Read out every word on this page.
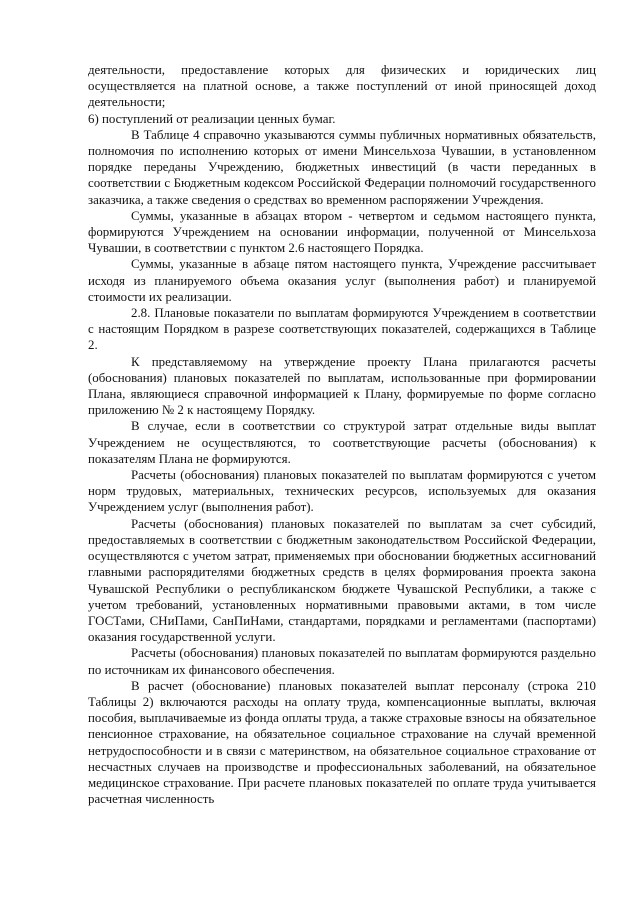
деятельности, предоставление которых для физических и юридических лиц осуществляется на платной основе, а также поступлений от иной приносящей доход деятельности;

6) поступлений от реализации ценных бумаг.

В Таблице 4 справочно указываются суммы публичных нормативных обязательств, полномочия по исполнению которых от имени Минсельхоза Чувашии, в установленном порядке переданы Учреждению, бюджетных инвестиций (в части переданных в соответствии с Бюджетным кодексом Российской Федерации полномочий государственного заказчика, а также сведения о средствах во временном распоряжении Учреждения.

Суммы, указанные в абзацах втором - четвертом и седьмом настоящего пункта, формируются Учреждением на основании информации, полученной от Минсельхоза Чувашии, в соответствии с пунктом 2.6 настоящего Порядка.

Суммы, указанные в абзаце пятом настоящего пункта, Учреждение рассчитывает исходя из планируемого объема оказания услуг (выполнения работ) и планируемой стоимости их реализации.

2.8. Плановые показатели по выплатам формируются Учреждением в соответствии с настоящим Порядком в разрезе соответствующих показателей, содержащихся в Таблице 2.

К представляемому на утверждение проекту Плана прилагаются расчеты (обоснования) плановых показателей по выплатам, использованные при формировании Плана, являющиеся справочной информацией к Плану, формируемые по форме согласно приложению № 2 к настоящему Порядку.

В случае, если в соответствии со структурой затрат отдельные виды выплат Учреждением не осуществляются, то соответствующие расчеты (обоснования) к показателям Плана не формируются.

Расчеты (обоснования) плановых показателей по выплатам формируются с учетом норм трудовых, материальных, технических ресурсов, используемых для оказания Учреждением услуг (выполнения работ).

Расчеты (обоснования) плановых показателей по выплатам за счет субсидий, предоставляемых в соответствии с бюджетным законодательством Российской Федерации, осуществляются с учетом затрат, применяемых при обосновании бюджетных ассигнований главными распорядителями бюджетных средств в целях формирования проекта закона Чувашской Республики о республиканском бюджете Чувашской Республики, а также с учетом требований, установленных нормативными правовыми актами, в том числе ГОСТами, СНиПами, СанПиНами, стандартами, порядками и регламентами (паспортами) оказания государственной услуги.

Расчеты (обоснования) плановых показателей по выплатам формируются раздельно по источникам их финансового обеспечения.

В расчет (обоснование) плановых показателей выплат персоналу (строка 210 Таблицы 2) включаются расходы на оплату труда, компенсационные выплаты, включая пособия, выплачиваемые из фонда оплаты труда, а также страховые взносы на обязательное пенсионное страхование, на обязательное социальное страхование на случай временной нетрудоспособности и в связи с материнством, на обязательное социальное страхование от несчастных случаев на производстве и профессиональных заболеваний, на обязательное медицинское страхование. При расчете плановых показателей по оплате труда учитывается расчетная численность
